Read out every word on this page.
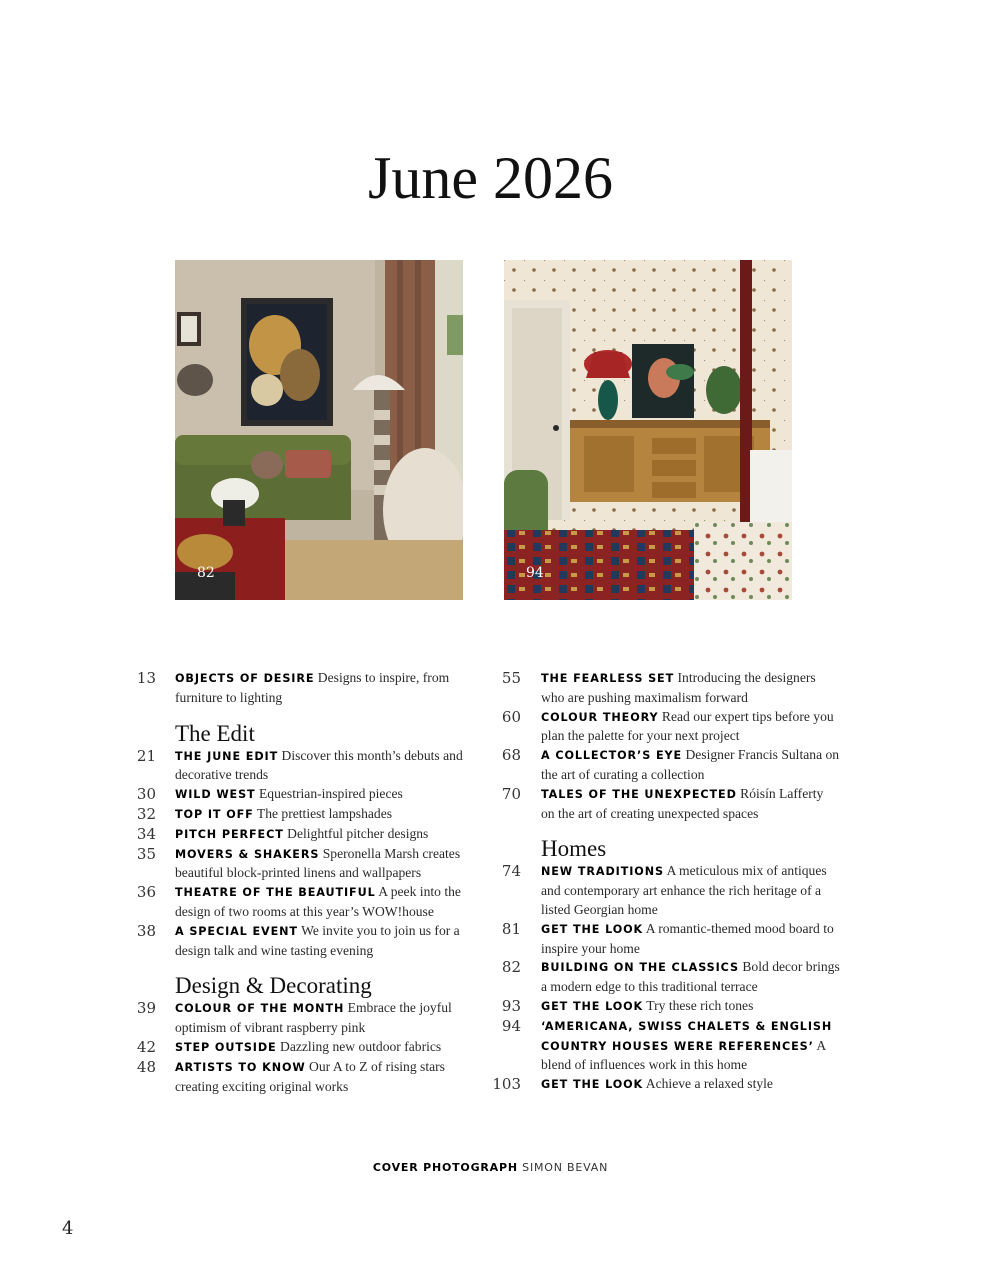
June 2026
82	94
13 OBJECTS OF DESIRE Designs to inspire, from furniture to lighting
The Edit
21 THE JUNE EDIT Discover this month’s debuts and decorative trends
30 WILD WEST Equestrian-inspired pieces
32 TOP IT OFF The prettiest lampshades
34 PITCH PERFECT Delightful pitcher designs
35 MOVERS & SHAKERS Speronella Marsh creates beautiful block-printed linens and wallpapers
36 THEATRE OF THE BEAUTIFUL A peek into the design of two rooms at this year’s WOW!house
38 A SPECIAL EVENT We invite you to join us for a design talk and wine tasting evening
Design & Decorating
39 COLOUR OF THE MONTH Embrace the joyful optimism of vibrant raspberry pink
42 STEP OUTSIDE Dazzling new outdoor fabrics
48 ARTISTS TO KNOW Our A to Z of rising stars creating exciting original works
55 THE FEARLESS SET Introducing the designers who are pushing maximalism forward
60 COLOUR THEORY Read our expert tips before you plan the palette for your next project
68 A COLLECTOR’S EYE Designer Francis Sultana on the art of curating a collection
70 TALES OF THE UNEXPECTED Róisín Lafferty on the art of creating unexpected spaces
Homes
74 NEW TRADITIONS A meticulous mix of antiques and contemporary art enhance the rich heritage of a listed Georgian home
81 GET THE LOOK A romantic-themed mood board to inspire your home
82 BUILDING ON THE CLASSICS Bold decor brings a modern edge to this traditional terrace
93 GET THE LOOK Try these rich tones
94 ‘AMERICANA, SWISS CHALETS & ENGLISH COUNTRY HOUSES WERE REFERENCES’ A blend of influences work in this home
103 GET THE LOOK Achieve a relaxed style
COVER PHOTOGRAPH SIMON BEVAN
4
